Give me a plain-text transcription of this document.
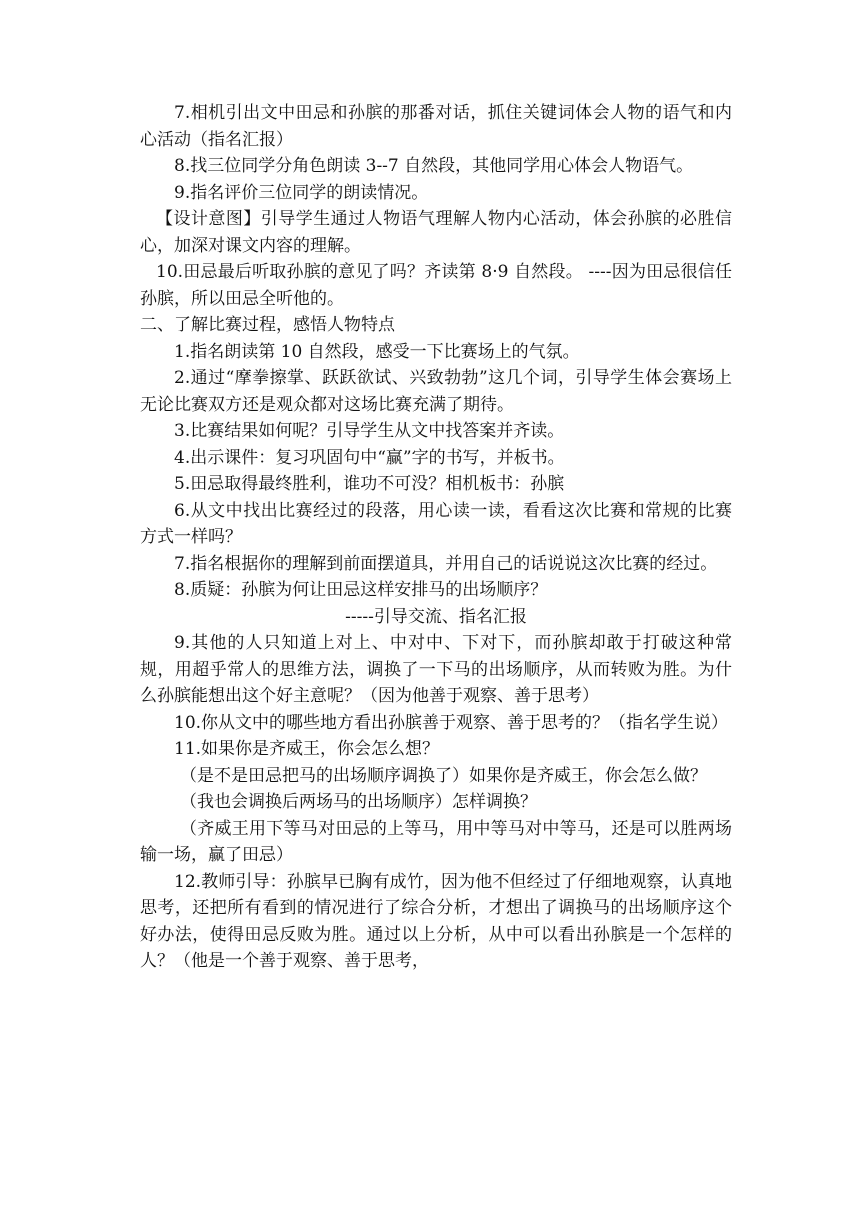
7.相机引出文中田忌和孙膑的那番对话，抓住关键词体会人物的语气和内心活动（指名汇报）

8.找三位同学分角色朗读 3--7 自然段，其他同学用心体会人物语气。

9.指名评价三位同学的朗读情况。

【设计意图】引导学生通过人物语气理解人物内心活动，体会孙膑的必胜信心，加深对课文内容的理解。

10.田忌最后听取孙膑的意见了吗？齐读第 8·9 自然段。 ----因为田忌很信任孙膑，所以田忌全听他的。

二、了解比赛过程，感悟人物特点

1.指名朗读第 10 自然段，感受一下比赛场上的气氛。

2.通过“摩拳擦掌、跃跃欲试、兴致勃勃”这几个词，引导学生体会赛场上无论比赛双方还是观众都对这场比赛充满了期待。

3.比赛结果如何呢？引导学生从文中找答案并齐读。

4.出示课件：复习巩固句中“赢”字的书写，并板书。

5.田忌取得最终胜利，谁功不可没？相机板书：孙膑

6.从文中找出比赛经过的段落，用心读一读，看看这次比赛和常规的比赛方式一样吗？

7.指名根据你的理解到前面摆道具，并用自己的话说说这次比赛的经过。

8.质疑：孙膑为何让田忌这样安排马的出场顺序？

-----引导交流、指名汇报

9.其他的人只知道上对上、中对中、下对下，而孙膑却敢于打破这种常规，用超乎常人的思维方法，调换了一下马的出场顺序，从而转败为胜。为什么孙膑能想出这个好主意呢？（因为他善于观察、善于思考）

10.你从文中的哪些地方看出孙膑善于观察、善于思考的？（指名学生说）

11.如果你是齐威王，你会怎么想？

（是不是田忌把马的出场顺序调换了）如果你是齐威王，你会怎么做？

（我也会调换后两场马的出场顺序）怎样调换？

（齐威王用下等马对田忌的上等马，用中等马对中等马，还是可以胜两场输一场，赢了田忌）

12.教师引导：孙膑早已胸有成竹，因为他不但经过了仔细地观察，认真地思考，还把所有看到的情况进行了综合分析，才想出了调换马的出场顺序这个好办法，使得田忌反败为胜。通过以上分析，从中可以看出孙膑是一个怎样的人？（他是一个善于观察、善于思考，
